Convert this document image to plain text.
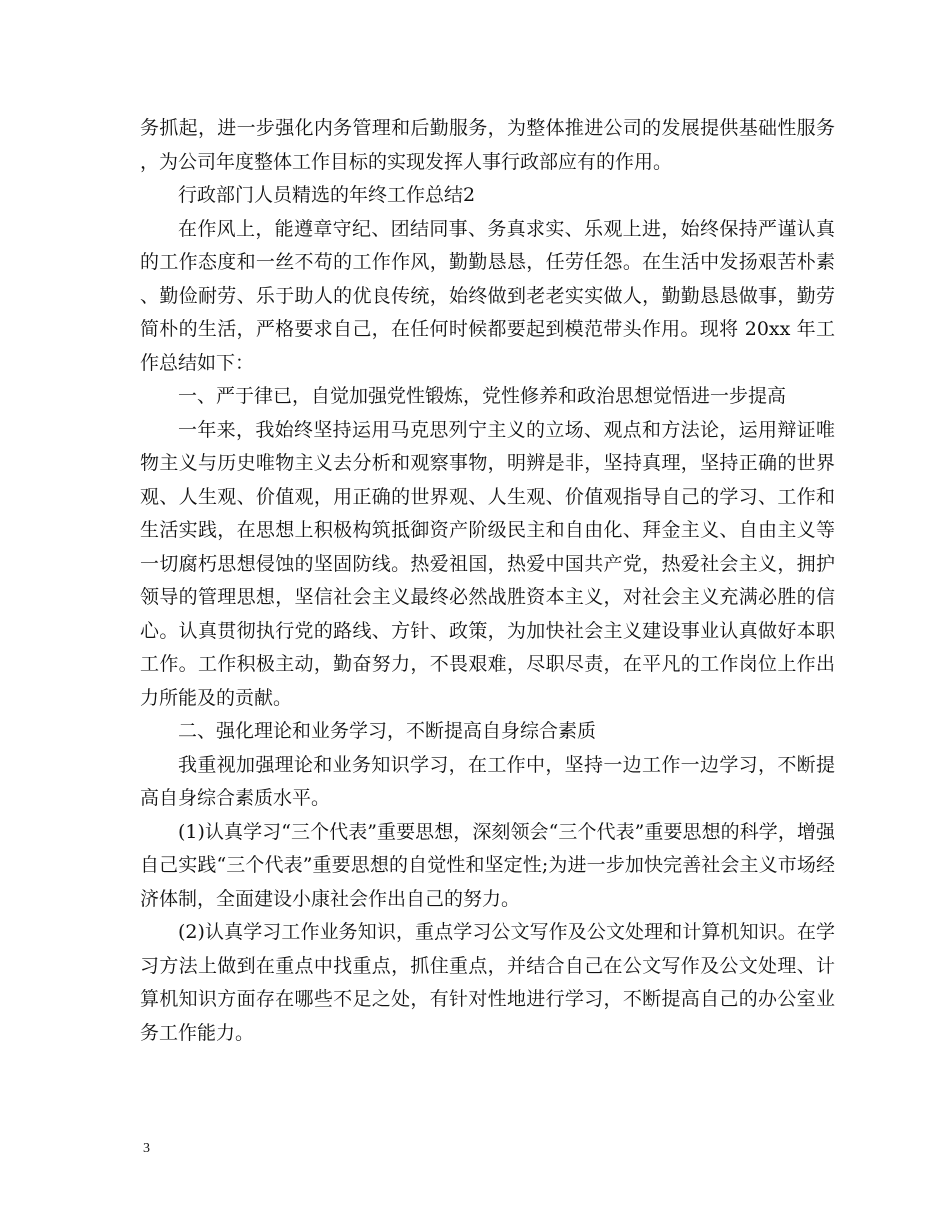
务抓起，进一步强化内务管理和后勤服务，为整体推进公司的发展提供基础性服务，为公司年度整体工作目标的实现发挥人事行政部应有的作用。

行政部门人员精选的年终工作总结2

在作风上，能遵章守纪、团结同事、务真求实、乐观上进，始终保持严谨认真的工作态度和一丝不苟的工作作风，勤勤恳恳，任劳任怨。在生活中发扬艰苦朴素、勤俭耐劳、乐于助人的优良传统，始终做到老老实实做人，勤勤恳恳做事，勤劳简朴的生活，严格要求自己，在任何时候都要起到模范带头作用。现将 20xx 年工作总结如下：

一、严于律已，自觉加强党性锻炼，党性修养和政治思想觉悟进一步提高

一年来，我始终坚持运用马克思列宁主义的立场、观点和方法论，运用辩证唯物主义与历史唯物主义去分析和观察事物，明辨是非，坚持真理，坚持正确的世界观、人生观、价值观，用正确的世界观、人生观、价值观指导自己的学习、工作和生活实践，在思想上积极构筑抵御资产阶级民主和自由化、拜金主义、自由主义等一切腐朽思想侵蚀的坚固防线。热爱祖国，热爱中国共产党，热爱社会主义，拥护领导的管理思想，坚信社会主义最终必然战胜资本主义，对社会主义充满必胜的信心。认真贯彻执行党的路线、方针、政策，为加快社会主义建设事业认真做好本职工作。工作积极主动，勤奋努力，不畏艰难，尽职尽责，在平凡的工作岗位上作出力所能及的贡献。

二、强化理论和业务学习，不断提高自身综合素质

我重视加强理论和业务知识学习，在工作中，坚持一边工作一边学习，不断提高自身综合素质水平。

(1)认真学习“三个代表”重要思想，深刻领会“三个代表”重要思想的科学，增强自己实践“三个代表”重要思想的自觉性和坚定性;为进一步加快完善社会主义市场经济体制，全面建设小康社会作出自己的努力。

(2)认真学习工作业务知识，重点学习公文写作及公文处理和计算机知识。在学习方法上做到在重点中找重点，抓住重点，并结合自己在公文写作及公文处理、计算机知识方面存在哪些不足之处，有针对性地进行学习，不断提高自己的办公室业务工作能力。

3
